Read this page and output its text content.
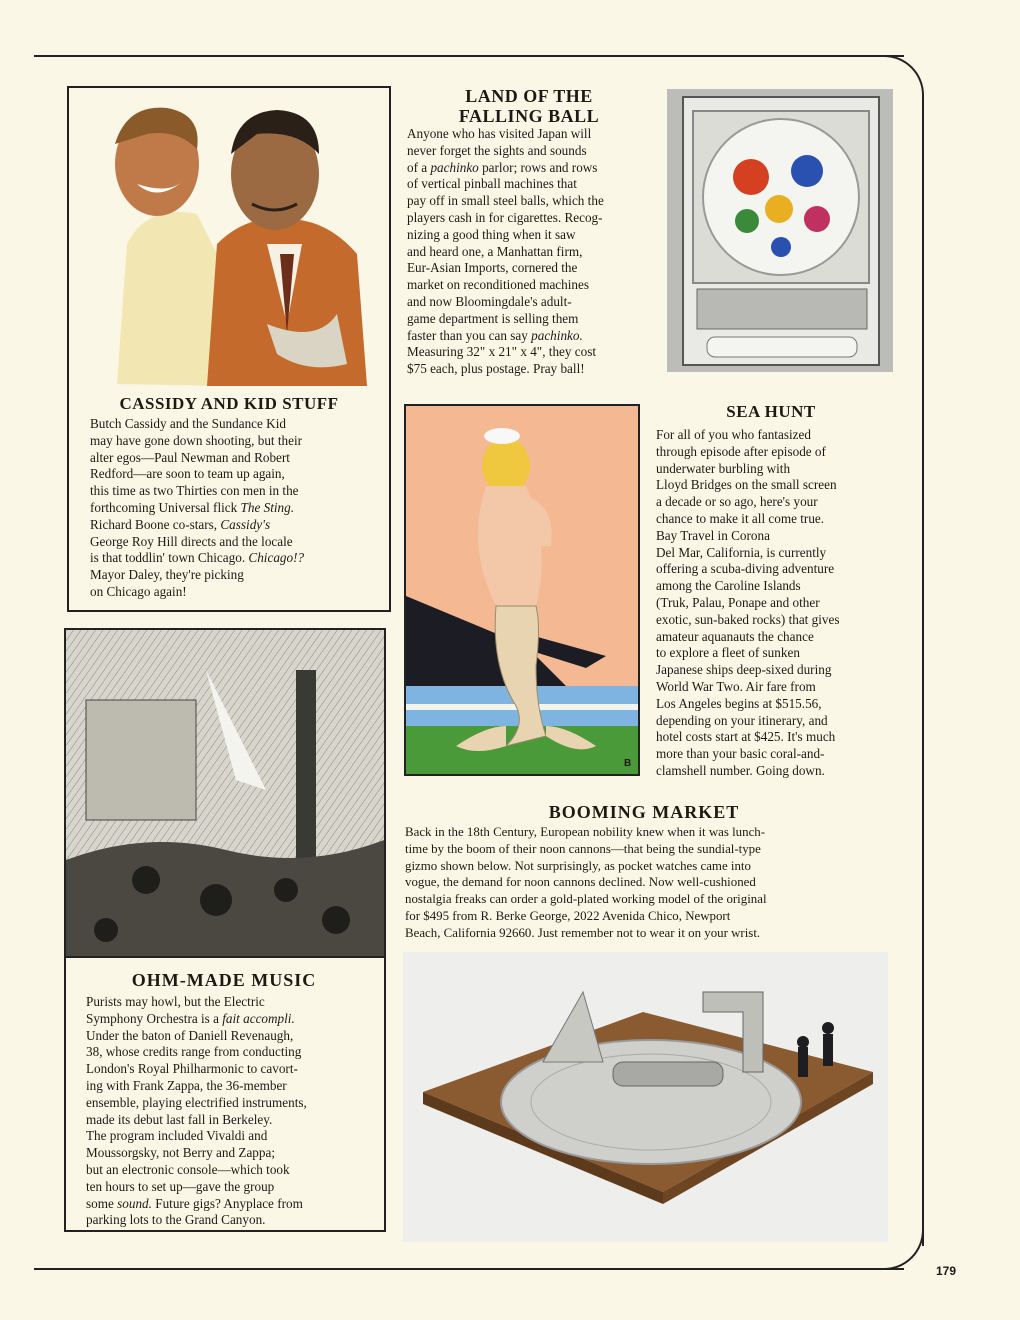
CASSIDY AND KID STUFF

Butch Cassidy and the Sundance Kid
may have gone down shooting, but their
alter egos—Paul Newman and Robert
Redford—are soon to team up again,
this time as two Thirties con men in the
forthcoming Universal flick The Sting.
Richard Boone co-stars, Cassidy's
George Roy Hill directs and the locale
is that toddlin' town Chicago. Chicago!?
Mayor Daley, they're picking
on Chicago again!

LAND OF THE

FALLING BALL

Anyone who has visited Japan will
never forget the sights and sounds
of a pachinko parlor; rows and rows
of vertical pinball machines that
pay off in small steel balls, which the
players cash in for cigarettes. Recog-
nizing a good thing when it saw
and heard one, a Manhattan firm,
Eur-Asian Imports, cornered the
market on reconditioned machines
and now Bloomingdale's adult-
game department is selling them
faster than you can say pachinko.
Measuring 32" x 21" x 4", they cost
$75 each, plus postage. Pray ball!

B

SEA HUNT

For all of you who fantasized
through episode after episode of
underwater burbling with
Lloyd Bridges on the small screen
a decade or so ago, here's your
chance to make it all come true.
Bay Travel in Corona
Del Mar, California, is currently
offering a scuba-diving adventure
among the Caroline Islands
(Truk, Palau, Ponape and other
exotic, sun-baked rocks) that gives
amateur aquanauts the chance
to explore a fleet of sunken
Japanese ships deep-sixed during
World War Two. Air fare from
Los Angeles begins at $515.56,
depending on your itinerary, and
hotel costs start at $425. It's much
more than your basic coral-and-
clamshell number. Going down.

OHM-MADE MUSIC

Purists may howl, but the Electric
Symphony Orchestra is a fait accompli.
Under the baton of Daniell Revenaugh,
38, whose credits range from conducting
London's Royal Philharmonic to cavort-
ing with Frank Zappa, the 36-member
ensemble, playing electrified instruments,
made its debut last fall in Berkeley.
The program included Vivaldi and
Moussorgsky, not Berry and Zappa;
but an electronic console—which took
ten hours to set up—gave the group
some sound. Future gigs? Anyplace from
parking lots to the Grand Canyon.

BOOMING MARKET

Back in the 18th Century, European nobility knew when it was lunch-
time by the boom of their noon cannons—that being the sundial-type
gizmo shown below. Not surprisingly, as pocket watches came into
vogue, the demand for noon cannons declined. Now well-cushioned
nostalgia freaks can order a gold-plated working model of the original
for $495 from R. Berke George, 2022 Avenida Chico, Newport
Beach, California 92660. Just remember not to wear it on your wrist.

179
